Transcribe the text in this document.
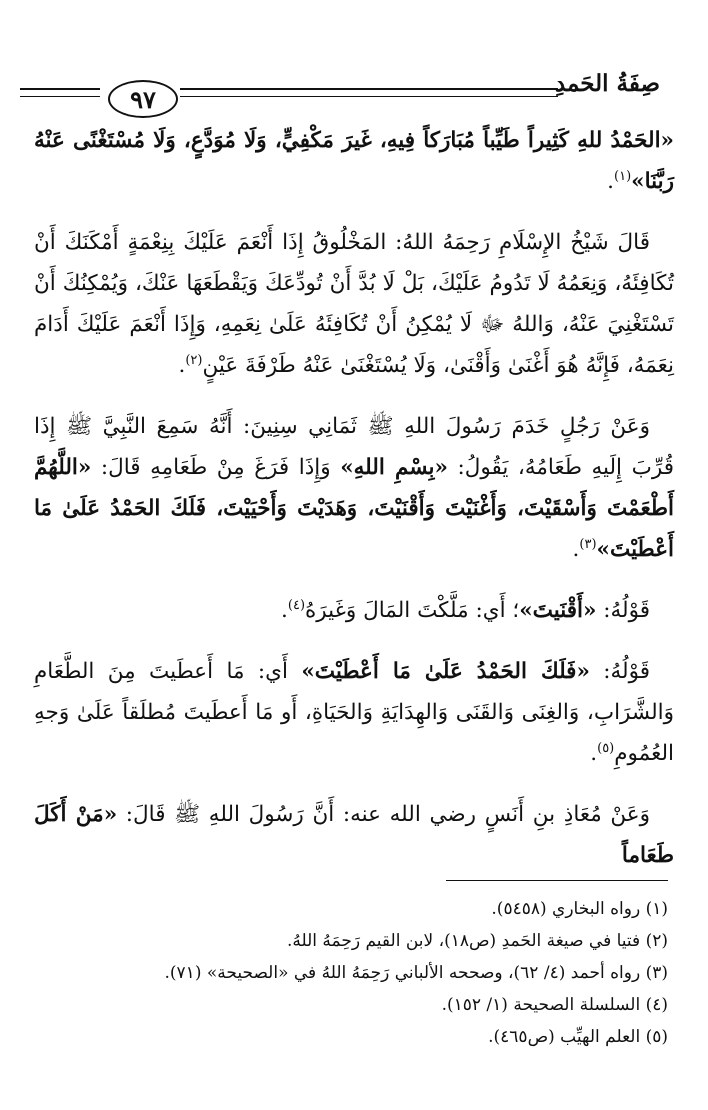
صِفَةُ الحَمدِ
٩٧

«الحَمْدُ للهِ كَثِيراً طَيِّباً مُبَارَكاً فِيهِ، غَيرَ مَكْفِيٍّ، وَلَا مُوَدَّعٍ، وَلَا مُسْتَغْنًى عَنْهُ رَبَّنَا»$^{(١)}$.

قَالَ شَيْخُ الإِسْلَامِ رَحِمَهُ اللهُ: المَخْلُوقُ إِذَا أَنْعَمَ عَلَيْكَ بِنِعْمَةٍ أَمْكَنَكَ أَنْ تُكَافِئَهُ، وَنِعَمُهُ لَا تَدُومُ عَلَيْكَ، بَلْ لَا بُدَّ أَنْ تُودِّعَكَ وَيَقْطَعَهَا عَنْكَ، وَيُمْكِنُكَ أَنْ تَسْتَغْنِيَ عَنْهُ، وَاللهُ ﷻ لَا يُمْكِنُ أَنْ تُكَافِئَهُ عَلَىٰ نِعَمِهِ، وَإِذَا أَنْعَمَ عَلَيْكَ أَدَامَ نِعَمَهُ، فَإِنَّهُ هُوَ أَغْنَىٰ وَأَقْنَىٰ، وَلَا يُسْتَغْنَىٰ عَنْهُ طَرْفَةَ عَيْنٍ$^{(٢)}$.

وَعَنْ رَجُلٍ خَدَمَ رَسُولَ اللهِ ﷺ ثَمَانِي سِنِينَ: أَنَّهُ سَمِعَ النَّبِيَّ ﷺ إِذَا قُرِّبَ إِلَيهِ طَعَامُهُ، يَقُولُ: «بِسْمِ اللهِ» وَإِذَا فَرَغَ مِنْ طَعَامِهِ قَالَ: «اللَّهُمَّ أَطْعَمْتَ وَأَسْقَيْتَ، وَأَغْنَيْتَ وَأَقْنَيْتَ، وَهَدَيْتَ وَأَحْيَيْتَ، فَلَكَ الحَمْدُ عَلَىٰ مَا أَعْطَيْتَ»$^{(٣)}$.

قَوْلُهُ: «أَقْنَيتَ»؛ أَي: مَلَّكْتَ المَالَ وَغَيرَهُ$^{(٤)}$.

قَوْلُهُ: «فَلَكَ الحَمْدُ عَلَىٰ مَا أَعْطَيْتَ» أَي: مَا أَعطَيتَ مِنَ الطَّعَامِ وَالشَّرَابِ، وَالغِنَى وَالقَنَى وَالهِدَايَةِ وَالحَيَاةِ، أَو مَا أَعطَيتَ مُطلَقاً عَلَىٰ وَجهِ العُمُومِ$^{(٥)}$.

وَعَنْ مُعَاذِ بنِ أَنَسٍ رضي الله عنه: أَنَّ رَسُولَ اللهِ ﷺ قَالَ: «مَنْ أَكَلَ طَعَاماً

(١) رواه البخاري (٥٤٥٨).

(٢) فتيا في صيغة الحَمدِ (ص١٨)، لابن القيم رَحِمَهُ اللهُ.

(٣) رواه أحمد (٤/ ٦٢)، وصححه الألباني رَحِمَهُ اللهُ في «الصحيحة» (٧١).

(٤) السلسلة الصحيحة (١/ ١٥٢).

(٥) العلم الهيِّب (ص٤٦٥).
